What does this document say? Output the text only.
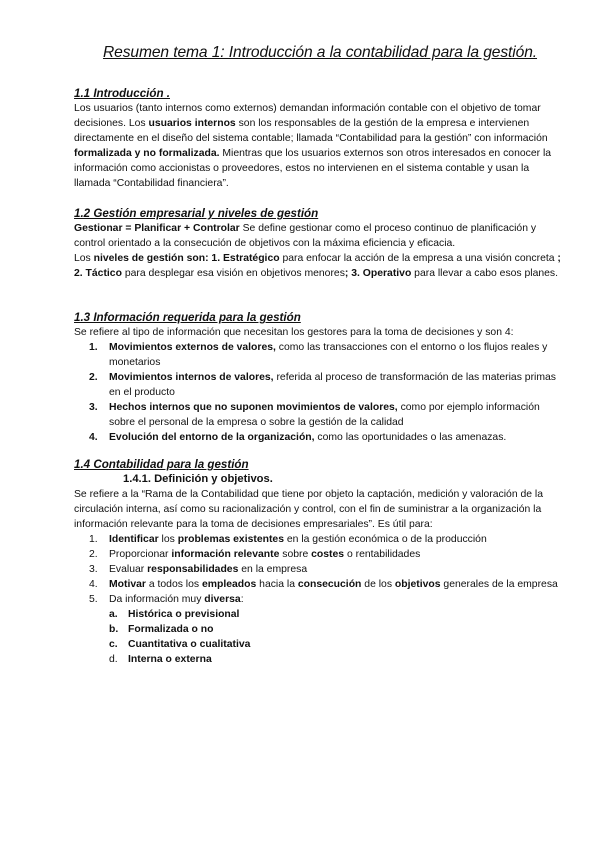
Resumen tema 1: Introducción a la contabilidad para la gestión.
1.1 Introducción .

Los usuarios (tanto internos como externos) demandan información contable con el objetivo de tomar decisiones. Los usuarios internos son los responsables de la gestión de la empresa e intervienen directamente en el diseño del sistema contable; llamada “Contabilidad para la gestión” con información formalizada y no formalizada. Mientras que los usuarios externos son otros interesados en conocer la información como accionistas o proveedores, estos no intervienen en el sistema contable y usan la llamada “Contabilidad financiera”.

1.2 Gestión empresarial y niveles de gestión

Gestionar = Planificar + Controlar Se define gestionar como el proceso continuo de planificación y control orientado a la consecución de objetivos con la máxima eficiencia y eficacia.

Los niveles de gestión son: 1. Estratégico para enfocar la acción de la empresa a una visión concreta ; 2. Táctico para desplegar esa visión en objetivos menores; 3. Operativo para llevar a cabo esos planes.

1.3 Información requerida para la gestión

Se refiere al tipo de información que necesitan los gestores para la toma de decisiones y son 4:

1. Movimientos externos de valores, como las transacciones con el entorno o los flujos reales y monetarios
2. Movimientos internos de valores, referida al proceso de transformación de las materias primas en el producto
3. Hechos internos que no suponen movimientos de valores, como por ejemplo información sobre el personal de la empresa o sobre la gestión de la calidad
4. Evolución del entorno de la organización, como las oportunidades o las amenazas.
1.4 Contabilidad para la gestión
1.4.1. Definición y objetivos.

Se refiere a la “Rama de la Contabilidad que tiene por objeto la captación, medición y valoración de la circulación interna, así como su racionalización y control, con el fin de suministrar a la organización la información relevante para la toma de decisiones empresariales”. Es útil para:

1. Identificar los problemas existentes en la gestión económica o de la producción
2. Proporcionar información relevante sobre costes o rentabilidades
3. Evaluar responsabilidades en la empresa
4. Motivar a todos los empleados hacia la consecución de los objetivos generales de la empresa
5. Da información muy diversa:
a. Histórica o previsional
b. Formalizada o no
c. Cuantitativa o cualitativa
d. Interna o externa
